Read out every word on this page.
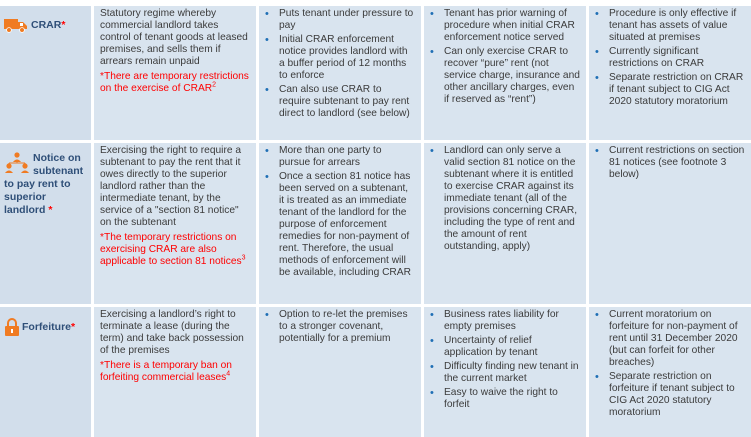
CRAR*

Statutory regime whereby commercial landlord takes control of tenant goods at leased premises, and sells them if arrears remain unpaid

*There are temporary restrictions on the exercise of CRAR$^2$

• Puts tenant under pressure to pay
• Initial CRAR enforcement notice provides landlord with a buffer period of 12 months to enforce
• Can also use CRAR to require subtenant to pay rent direct to landlord (see below)
• Tenant has prior warning of procedure when initial CRAR enforcement notice served
• Can only exercise CRAR to recover “pure” rent (not service charge, insurance and other ancillary charges, even if reserved as “rent”)
• Procedure is only effective if tenant has assets of value situated at premises
• Currently significant restrictions on CRAR
• Separate restriction on CRAR if tenant subject to CIG Act 2020 statutory moratorium
Notice on subtenant to pay rent to superior landlord *

Exercising the right to require a subtenant to pay the rent that it owes directly to the superior landlord rather than the intermediate tenant, by the service of a "section 81 notice" on the subtenant

*The temporary restrictions on exercising CRAR are also applicable to section 81 notices$^3$

• More than one party to pursue for arrears
• Once a section 81 notice has been served on a subtenant, it is treated as an immediate tenant of the landlord for the purpose of enforcement remedies for non-payment of rent. Therefore, the usual methods of enforcement will be available, including CRAR
• Landlord can only serve a valid section 81 notice on the subtenant where it is entitled to exercise CRAR against its immediate tenant (all of the provisions concerning CRAR, including the type of rent and the amount of rent outstanding, apply)
• Current restrictions on section 81 notices (see footnote 3 below)
Forfeiture*

Exercising a landlord’s right to terminate a lease (during the term) and take back possession of the premises

*There is a temporary ban on forfeiting commercial leases$^4$

• Option to re-let the premises to a stronger covenant, potentially for a premium
• Business rates liability for empty premises
• Uncertainty of relief application by tenant
• Difficulty finding new tenant in the current market
• Easy to waive the right to forfeit
• Current moratorium on forfeiture for non-payment of rent until 31 December 2020 (but can forfeit for other breaches)
• Separate restriction on forfeiture if tenant subject to CIG Act 2020 statutory moratorium
